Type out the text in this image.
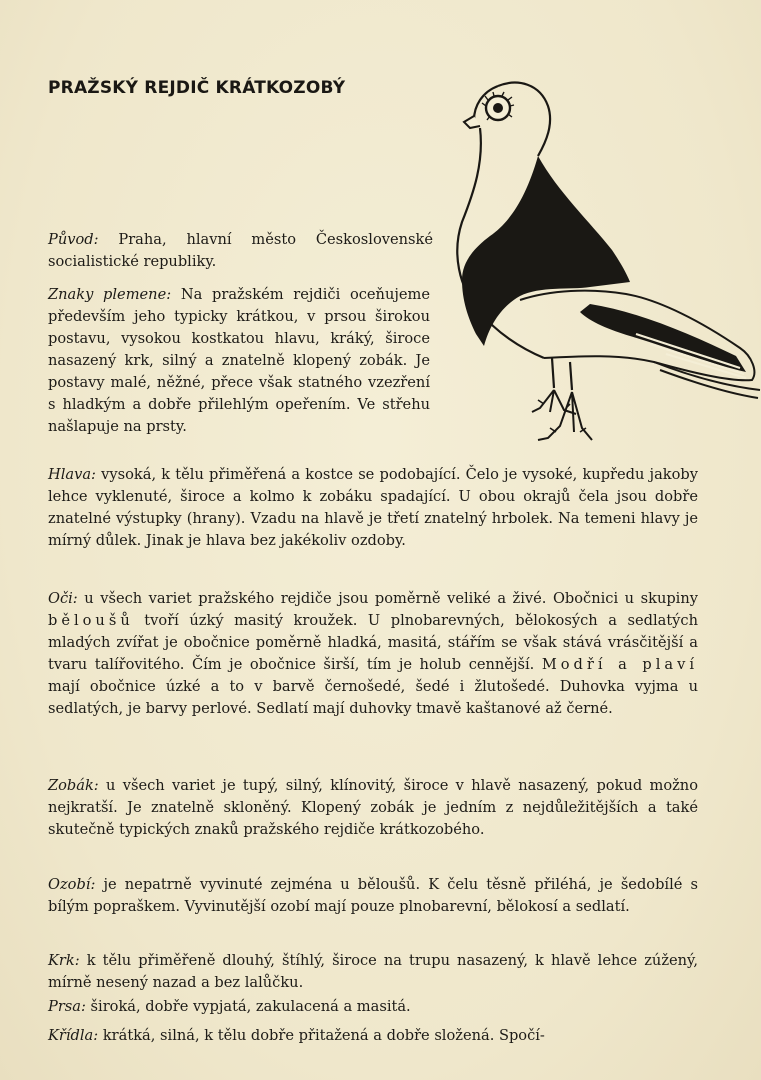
PRAŽSKÝ REJDIČ KRÁTKOZOBÝ

Původ: Praha, hlavní město Československé socialistické republiky.

Znaky plemene: Na pražském rejdiči oceňujeme především jeho typicky krátkou, v prsou širokou postavu, vysokou kostkatou hlavu, kráký, široce nasazený krk, silný a znatelně klopený zobák. Je postavy malé, něžné, přece však statného vzezření s hladkým a dobře přilehlým opeřením. Ve střehu našlapuje na prsty.

Hlava: vysoká, k tělu přiměřená a kostce se podobající. Čelo je vysoké, kupředu jakoby lehce vyklenuté, široce a kolmo k zobáku spadající. U obou okrajů čela jsou dobře znatelné výstupky (hrany). Vzadu na hlavě je třetí znatelný hrbolek. Na temeni hlavy je mírný důlek. Jinak je hlava bez jakékoliv ozdoby.

Oči: u všech variet pražského rejdiče jsou poměrně veliké a živé. Obočnici u skupiny běloušů tvoří úzký masitý kroužek. U plnobarevných, bělokosých a sedlatých mladých zvířat je obočnice poměrně hladká, masitá, stářím se však stává vrásčitější a tvaru talířovitého. Čím je obočnice širší, tím je holub cennější. Modří a plaví mají obočnice úzké a to v barvě černošedé, šedé i žlutošedé. Duhovka vyjma u sedlatých, je barvy perlové. Sedlatí mají duhovky tmavě kaštanové až černé.

Zobák: u všech variet je tupý, silný, klínovitý, široce v hlavě nasazený, pokud možno nejkratší. Je znatelně skloněný. Klopený zobák je jedním z nejdůležitějších a také skutečně typických znaků pražského rejdiče krátkozobého.

Ozobí: je nepatrně vyvinuté zejména u běloušů. K čelu těsně přiléhá, je šedobílé s bílým popraškem. Vyvinutější ozobí mají pouze plnobarevní, bělokosí a sedlatí.

Krk: k tělu přiměřeně dlouhý, štíhlý, široce na trupu nasazený, k hlavě lehce zúžený, mírně nesený nazad a bez lalůčku.

Prsa: široká, dobře vypjatá, zakulacená a masitá.

Křídla: krátká, silná, k tělu dobře přitažená a dobře složená. Spočí-
